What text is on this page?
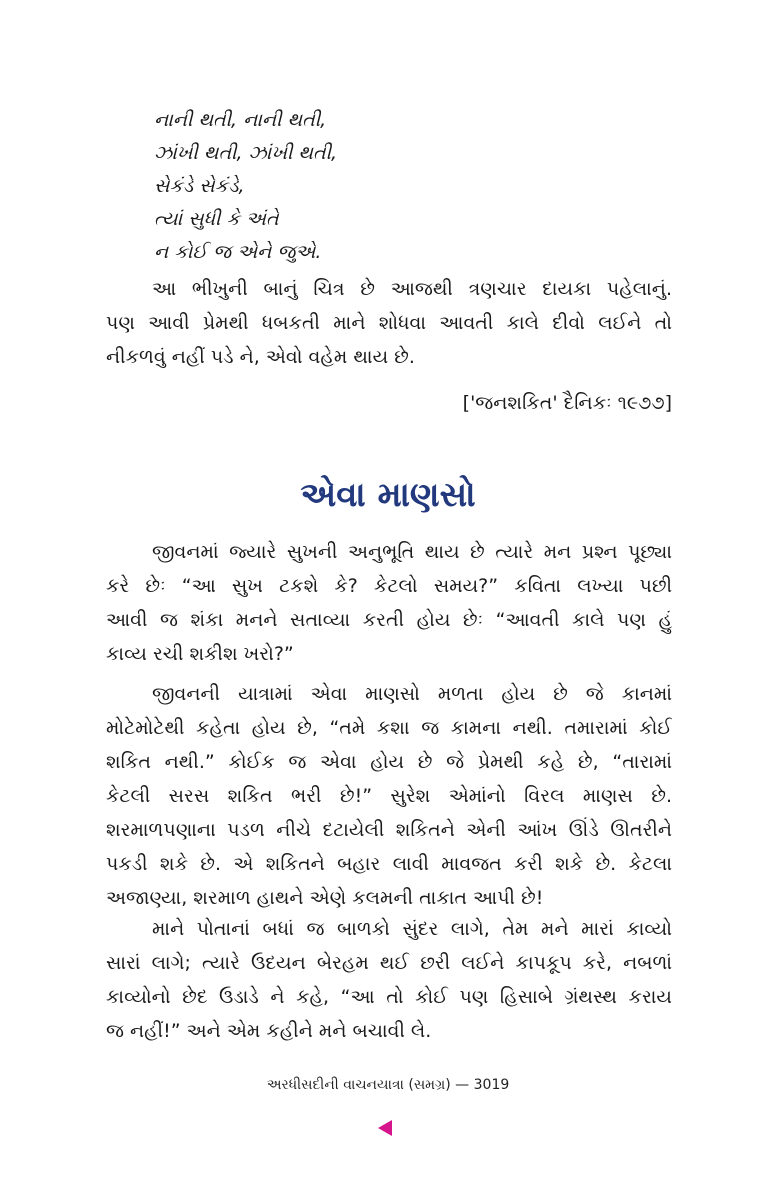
નાની થતી, નાની થતી,
ઝાંખી થતી, ઝાંખી થતી,
સેકંડે સેકંડે,
ત્યાં સુધી કે અંતે
ન કોઈ જ એને જુએ.
આ ભીખુની બાનું ચિત્ર છે આજથી ત્રણચાર દાયકા પહેલાનું.
પણ આવી પ્રેમથી ધબકતી માને શોધવા આવતી કાલે દીવો લઈને તો
નીકળવું નહીં પડે ને, એવો વહેમ થાય છે.
['જનશકિત' દૈનિકઃ ૧૯૭૭]
એવા માણસો
જીવનમાં જ્યારે સુખની અનુભૂતિ થાય છે ત્યારે મન પ્રશ્ન પૂછ્યા
કરે છેઃ “આ સુખ ટકશે કે? કેટલો સમય?” કવિતા લખ્યા પછી
આવી જ શંકા મનને સતાવ્યા કરતી હોય છેઃ “આવતી કાલે પણ હું
કાવ્ય રચી શકીશ ખરો?”
જીવનની યાત્રામાં એવા માણસો મળતા હોય છે જે કાનમાં
મોટેમોટેથી કહેતા હોય છે, “તમે કશા જ કામના નથી. તમારામાં કોઈ
શકિત નથી.” કોઈક જ એવા હોય છે જે પ્રેમથી કહે છે, “તારામાં
કેટલી સરસ શકિત ભરી છે!” સુરેશ એમાંનો વિરલ માણસ છે.
શરમાળપણાના પડળ નીચે દટાયેલી શકિતને એની આંખ ઊંડે ઊતરીને
પકડી શકે છે. એ શકિતને બહાર લાવી માવજત કરી શકે છે. કેટલા
અજાણ્યા, શરમાળ હાથને એણે કલમની તાકાત આપી છે!
માને પોતાનાં બધાં જ બાળકો સુંદર લાગે, તેમ મને મારાં કાવ્યો
સારાં લાગે; ત્યારે ઉદયન બેરહમ થઈ છરી લઈને કાપકૂપ કરે, નબળાં
કાવ્યોનો છેદ ઉડાડે ને કહે, “આ તો કોઈ પણ હિસાબે ગ્રંથસ્થ કરાય
જ નહીં!” અને એમ કહીને મને બચાવી લે.
અરધીસદીની વાચનયાત્રા (સમગ્ર) — 3019
